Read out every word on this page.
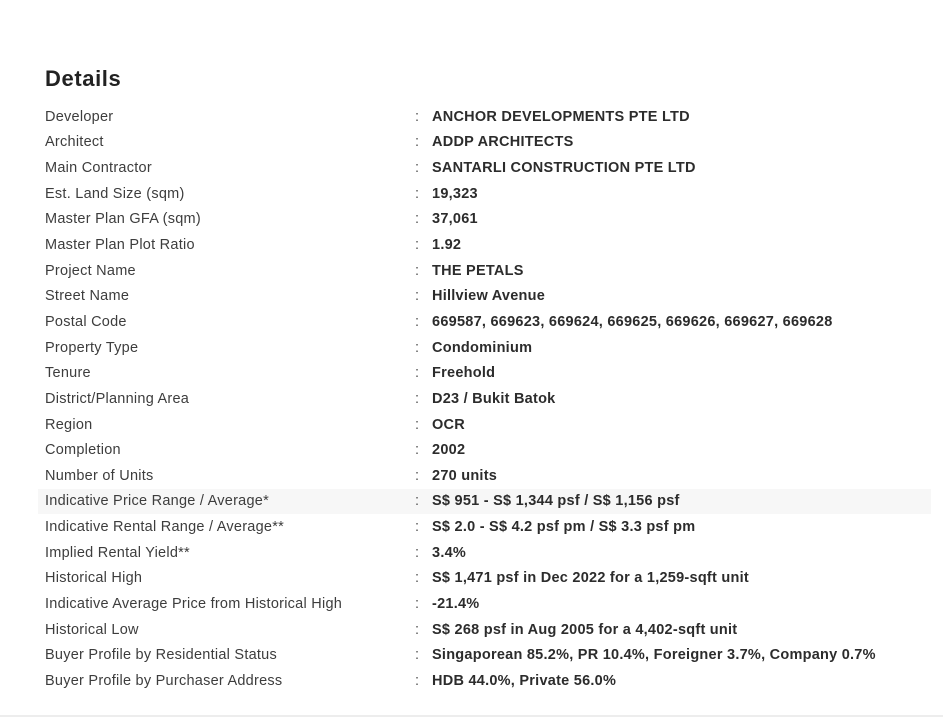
Details
Developer	: ANCHOR DEVELOPMENTS PTE LTD
Architect	: ADDP ARCHITECTS
Main Contractor	: SANTARLI CONSTRUCTION PTE LTD
Est. Land Size (sqm)	: 19,323
Master Plan GFA (sqm)	: 37,061
Master Plan Plot Ratio	: 1.92
Project Name	: THE PETALS
Street Name	: Hillview Avenue
Postal Code	: 669587, 669623, 669624, 669625, 669626, 669627, 669628
Property Type	: Condominium
Tenure	: Freehold
District/Planning Area	: D23 / Bukit Batok
Region	: OCR
Completion	: 2002
Number of Units	: 270 units
Indicative Price Range / Average*	: S$ 951 - S$ 1,344 psf / S$ 1,156 psf
Indicative Rental Range / Average**	: S$ 2.0 - S$ 4.2 psf pm / S$ 3.3 psf pm
Implied Rental Yield**	: 3.4%
Historical High	: S$ 1,471 psf in Dec 2022 for a 1,259-sqft unit
Indicative Average Price from Historical High	: -21.4%
Historical Low	: S$ 268 psf in Aug 2005 for a 4,402-sqft unit
Buyer Profile by Residential Status	: Singaporean 85.2%, PR 10.4%, Foreigner 3.7%, Company 0.7%
Buyer Profile by Purchaser Address	: HDB 44.0%, Private 56.0%
